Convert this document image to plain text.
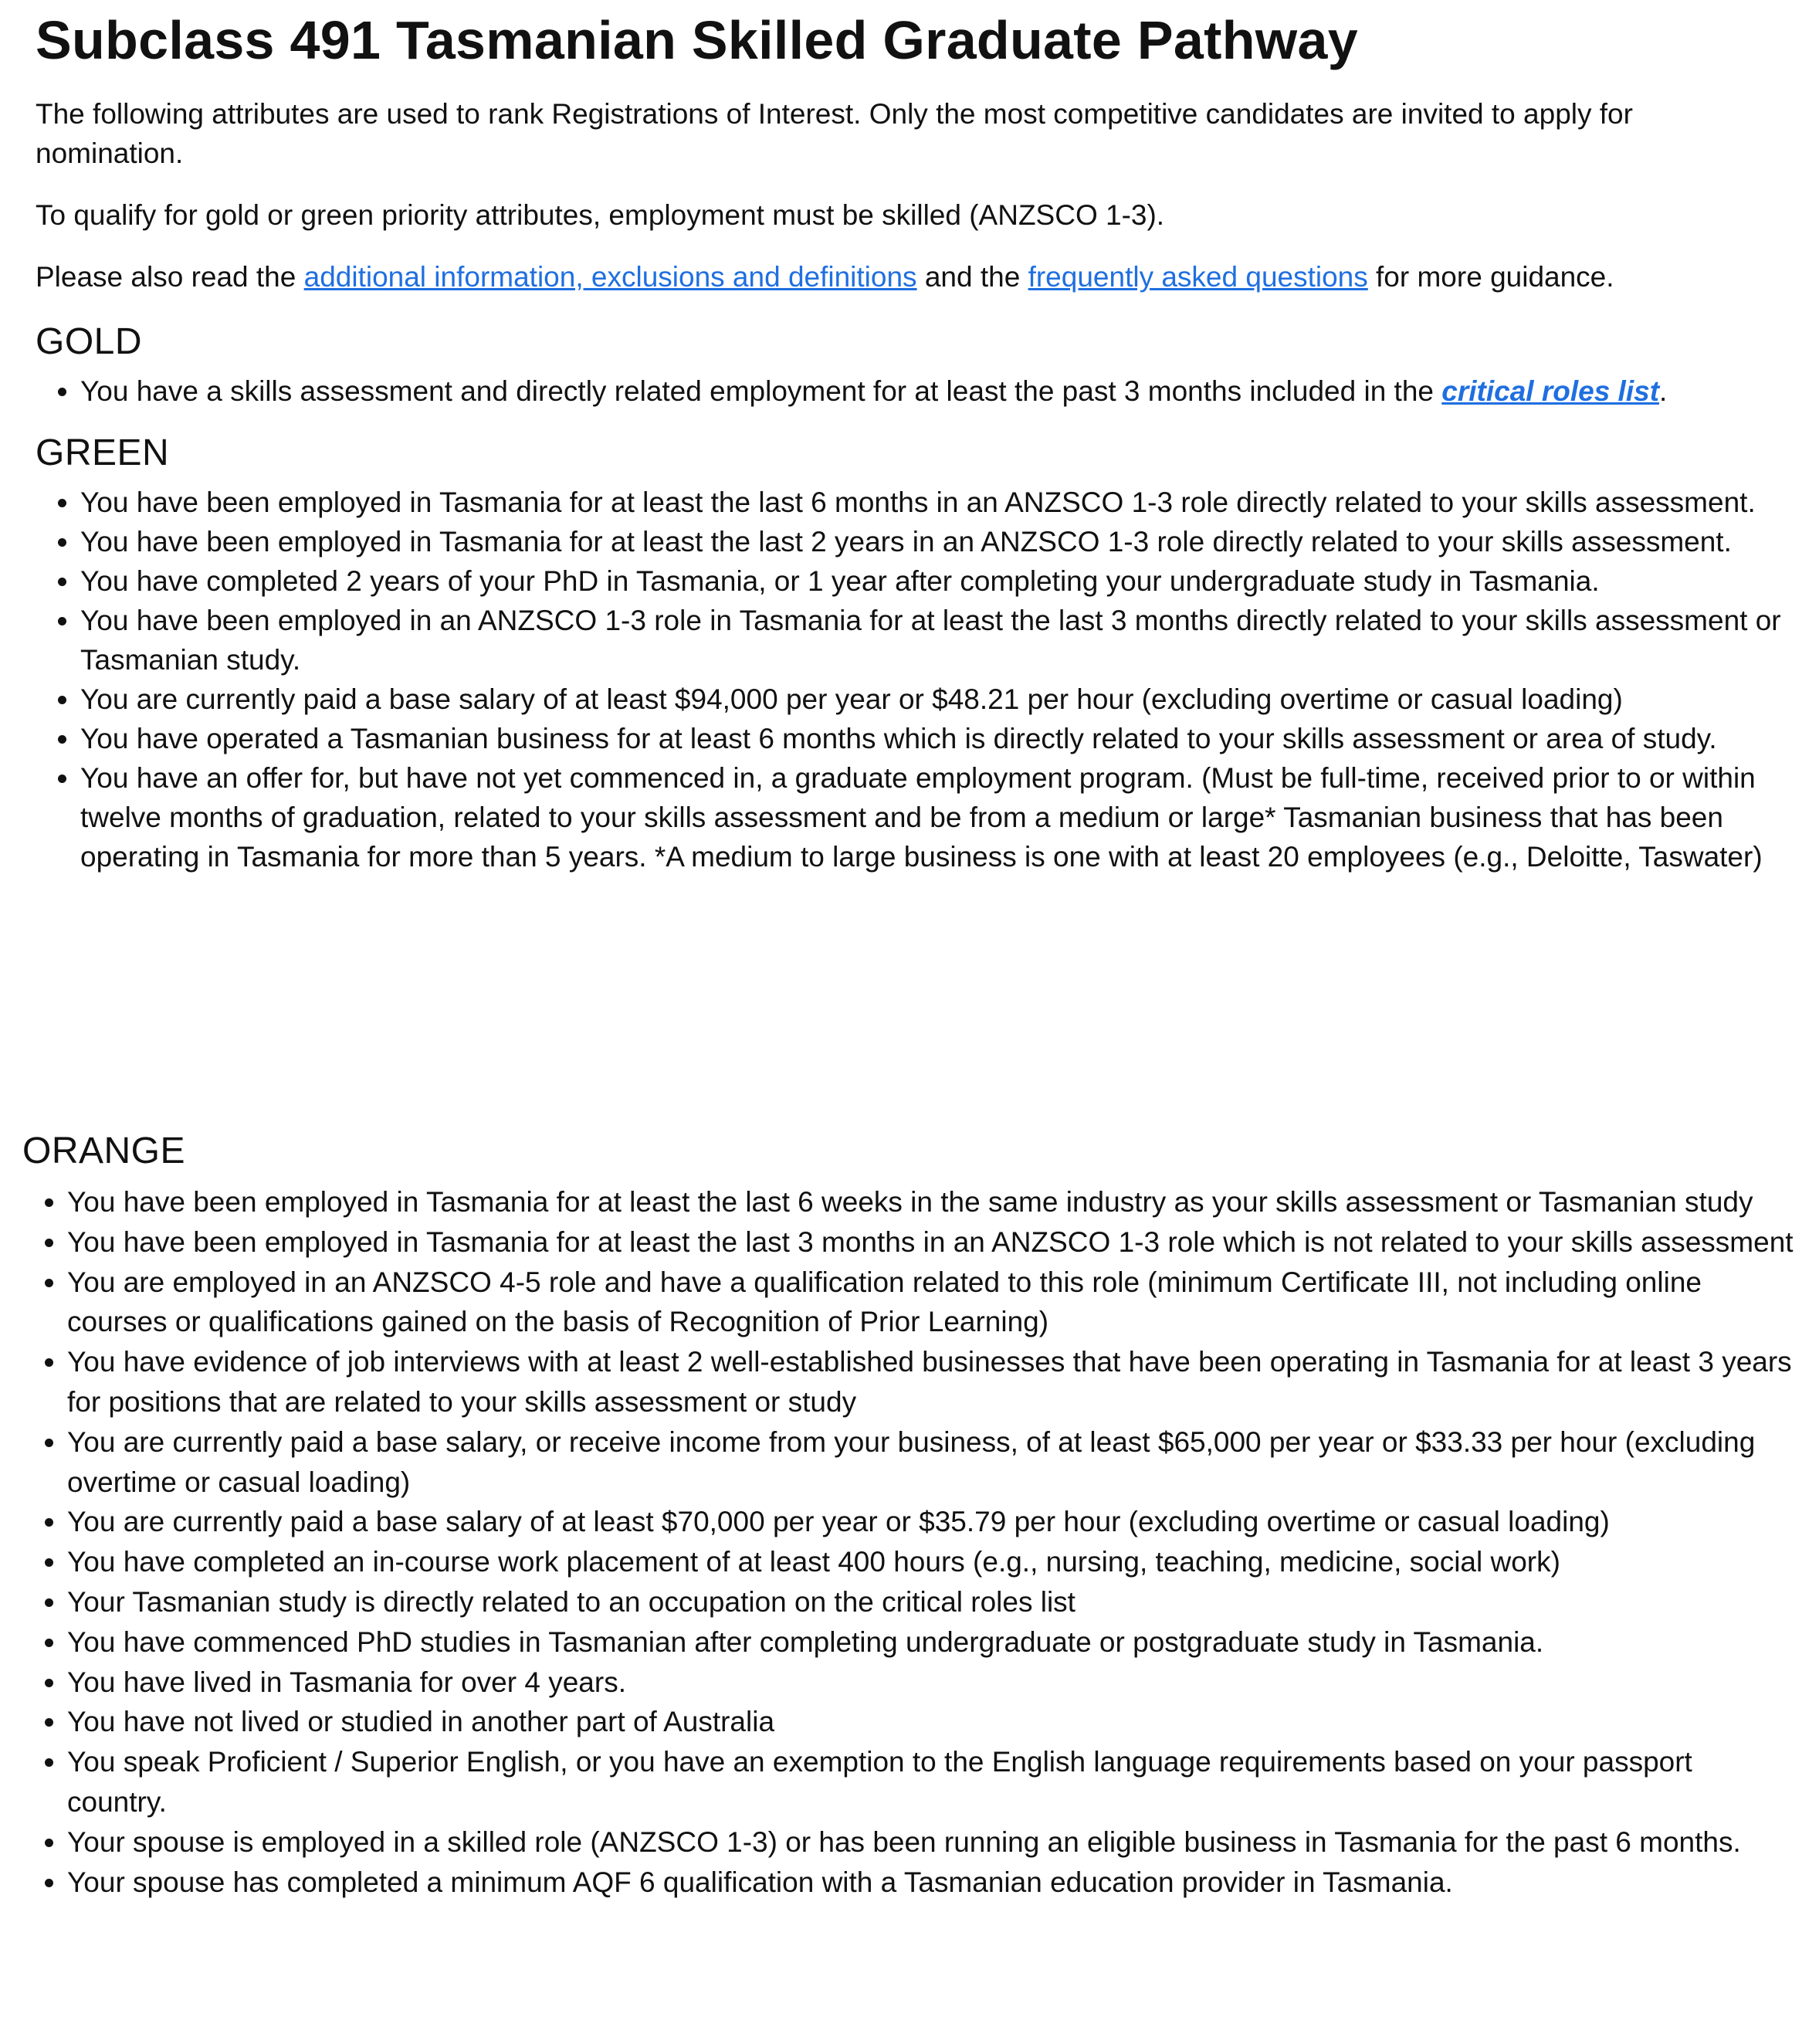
Subclass 491 Tasmanian Skilled Graduate Pathway

The following attributes are used to rank Registrations of Interest. Only the most competitive candidates are invited to apply for nomination.

To qualify for gold or green priority attributes, employment must be skilled (ANZSCO 1-3).

Please also read the additional information, exclusions and definitions and the frequently asked questions for more guidance.

GOLD
• You have a skills assessment and directly related employment for at least the past 3 months included in the critical roles list.
GREEN
• You have been employed in Tasmania for at least the last 6 months in an ANZSCO 1-3 role directly related to your skills assessment.
• You have been employed in Tasmania for at least the last 2 years in an ANZSCO 1-3 role directly related to your skills assessment.
• You have completed 2 years of your PhD in Tasmania, or 1 year after completing your undergraduate study in Tasmania.
• You have been employed in an ANZSCO 1-3 role in Tasmania for at least the last 3 months directly related to your skills assessment or Tasmanian study.
• You are currently paid a base salary of at least $94,000 per year or $48.21 per hour (excluding overtime or casual loading)
• You have operated a Tasmanian business for at least 6 months which is directly related to your skills assessment or area of study.
• You have an offer for, but have not yet commenced in, a graduate employment program. (Must be full-time, received prior to or within twelve months of graduation, related to your skills assessment and be from a medium or large* Tasmanian business that has been operating in Tasmania for more than 5 years. *A medium to large business is one with at least 20 employees (e.g., Deloitte, Taswater)
ORANGE
• You have been employed in Tasmania for at least the last 6 weeks in the same industry as your skills assessment or Tasmanian study
• You have been employed in Tasmania for at least the last 3 months in an ANZSCO 1-3 role which is not related to your skills assessment
• You are employed in an ANZSCO 4-5 role and have a qualification related to this role (minimum Certificate III, not including online courses or qualifications gained on the basis of Recognition of Prior Learning)
• You have evidence of job interviews with at least 2 well-established businesses that have been operating in Tasmania for at least 3 years for positions that are related to your skills assessment or study
• You are currently paid a base salary, or receive income from your business, of at least $65,000 per year or $33.33 per hour (excluding overtime or casual loading)
• You are currently paid a base salary of at least $70,000 per year or $35.79 per hour (excluding overtime or casual loading)
• You have completed an in-course work placement of at least 400 hours (e.g., nursing, teaching, medicine, social work)
• Your Tasmanian study is directly related to an occupation on the critical roles list
• You have commenced PhD studies in Tasmanian after completing undergraduate or postgraduate study in Tasmania.
• You have lived in Tasmania for over 4 years.
• You have not lived or studied in another part of Australia
• You speak Proficient / Superior English, or you have an exemption to the English language requirements based on your passport country.
• Your spouse is employed in a skilled role (ANZSCO 1-3) or has been running an eligible business in Tasmania for the past 6 months.
• Your spouse has completed a minimum AQF 6 qualification with a Tasmanian education provider in Tasmania.
